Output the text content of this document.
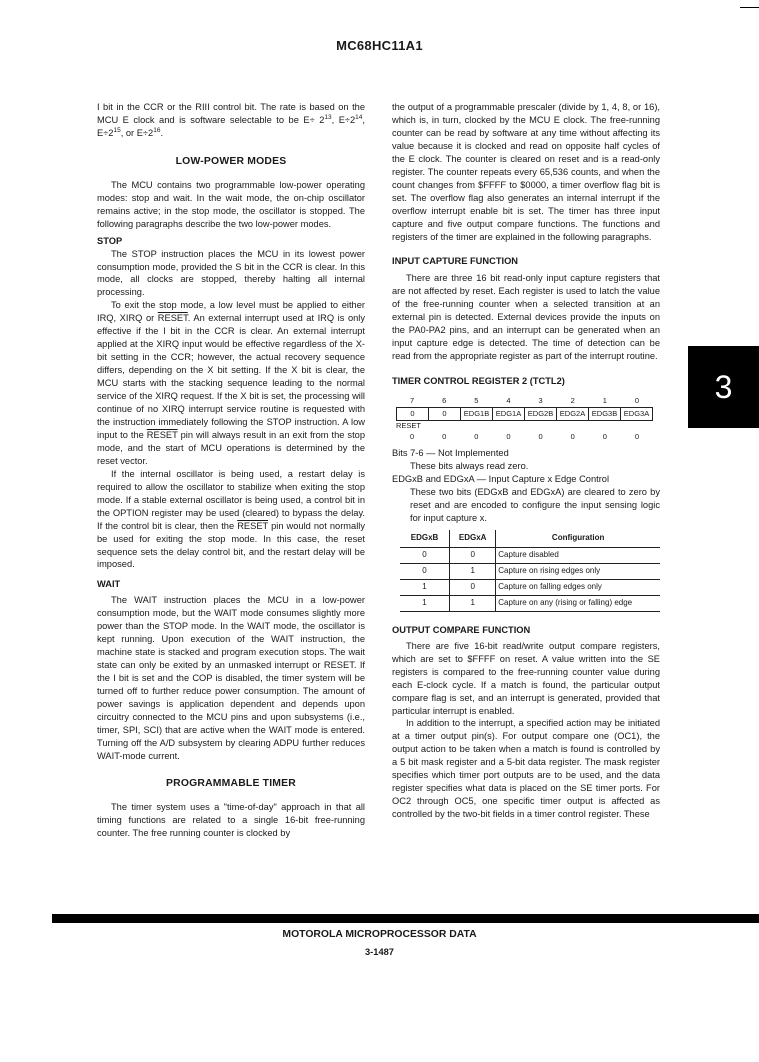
MC68HC11A1

I bit in the CCR or the RIII control bit. The rate is based on the MCU E clock and is software selectable to be $E\div 2^{13}$, $E\div 2^{14}$, $E\div 2^{15}$, or $E\div 2^{16}$.

LOW-POWER MODES

The MCU contains two programmable low-power operating modes: stop and wait. In the wait mode, the on-chip oscillator remains active; in the stop mode, the oscillator is stopped. The following paragraphs describe the two low-power modes.

STOP

The STOP instruction places the MCU in its lowest power consumption mode, provided the S bit in the CCR is clear. In this mode, all clocks are stopped, thereby halting all internal processing.

To exit the stop mode, a low level must be applied to either IRQ, XIRQ or RESET. An external interrupt used at IRQ is only effective if the I bit in the CCR is clear. An external interrupt applied at the XIRQ input would be effective regardless of the X-bit setting in the CCR; however, the actual recovery sequence differs, depending on the X bit setting. If the X bit is clear, the MCU starts with the stacking sequence leading to the normal service of the XIRQ request. If the X bit is set, the processing will continue of no XIRQ interrupt service routine is requested with the instruction immediately following the STOP instruction. A low input to the RESET pin will always result in an exit from the stop mode, and the start of MCU operations is determined by the reset vector.

If the internal oscillator is being used, a restart delay is required to allow the oscillator to stabilize when exiting the stop mode. If a stable external oscillator is being used, a control bit in the OPTION register may be used (cleared) to bypass the delay. If the control bit is clear, then the RESET pin would not normally be used for exiting the stop mode. In this case, the reset sequence sets the delay control bit, and the restart delay will be imposed.

WAIT

The WAIT instruction places the MCU in a low-power consumption mode, but the WAIT mode consumes slightly more power than the STOP mode. In the WAIT mode, the oscillator is kept running. Upon execution of the WAIT instruction, the machine state is stacked and program execution stops. The wait state can only be exited by an unmasked interrupt or RESET. If the I bit is set and the COP is disabled, the timer system will be turned off to further reduce power consumption. The amount of power savings is application dependent and depends upon circuitry connected to the MCU pins and upon subsystems (i.e., timer, SPI, SCI) that are active when the WAIT mode is entered. Turning off the A/D subsystem by clearing ADPU further reduces WAIT-mode current.

PROGRAMMABLE TIMER

The timer system uses a "time-of-day" approach in that all timing functions are related to a single 16-bit free-running counter. The free running counter is clocked by

the output of a programmable prescaler (divide by 1, 4, 8, or 16), which is, in turn, clocked by the MCU E clock. The free-running counter can be read by software at any time without affecting its value because it is clocked and read on opposite half cycles of the E clock. The counter is cleared on reset and is a read-only register. The counter repeats every 65,536 counts, and when the count changes from $FFFF to $0000, a timer overflow flag bit is set. The overflow flag also generates an internal interrupt if the overflow interrupt enable bit is set. The timer has three input capture and five output compare functions. The functions and registers of the timer are explained in the following paragraphs.

INPUT CAPTURE FUNCTION

There are three 16 bit read-only input capture registers that are not affected by reset. Each register is used to latch the value of the free-running counter when a selected transition at an external pin is detected. External devices provide the inputs on the PA0-PA2 pins, and an interrupt can be generated when an input capture edge is detected. The time of detection can be read from the appropriate register as part of the interrupt routine.

TIMER CONTROL REGISTER 2 (TCTL2)

7	6	5	4	3	2	1	0
0	0	EDG1B EDG1A EDG2B EDG2A EDG3B EDG3A
RESET
0	0	0	0	0	0	0	0

Bits 7-6 — Not Implemented

These bits always read zero.

EDGxB and EDGxA — Input Capture x Edge Control

These two bits (EDGxB and EDGxA) are cleared to zero by reset and are encoded to configure the input sensing logic for input capture x.

EDGxB	EDGxA	Configuration
0	0	Capture disabled
0	1	Capture on rising edges only
1	0	Capture on falling edges only
1	1	Capture on any (rising or falling) edge

OUTPUT COMPARE FUNCTION

There are five 16-bit read/write output compare registers, which are set to $FFFF on reset. A value written into the SE registers is compared to the free-running counter value during each E-clock cycle. If a match is found, the particular output compare flag is set, and an interrupt is generated, provided that particular interrupt is enabled.

In addition to the interrupt, a specified action may be initiated at a timer output pin(s). For output compare one (OC1), the output action to be taken when a match is found is controlled by a 5 bit mask register and a 5-bit data register. The mask register specifies which timer port outputs are to be used, and the data register specifies what data is placed on the SE timer ports. For OC2 through OC5, one specific timer output is affected as controlled by the two-bit fields in a timer control register. These

3
MOTOROLA MICROPROCESSOR DATA
3-1487
